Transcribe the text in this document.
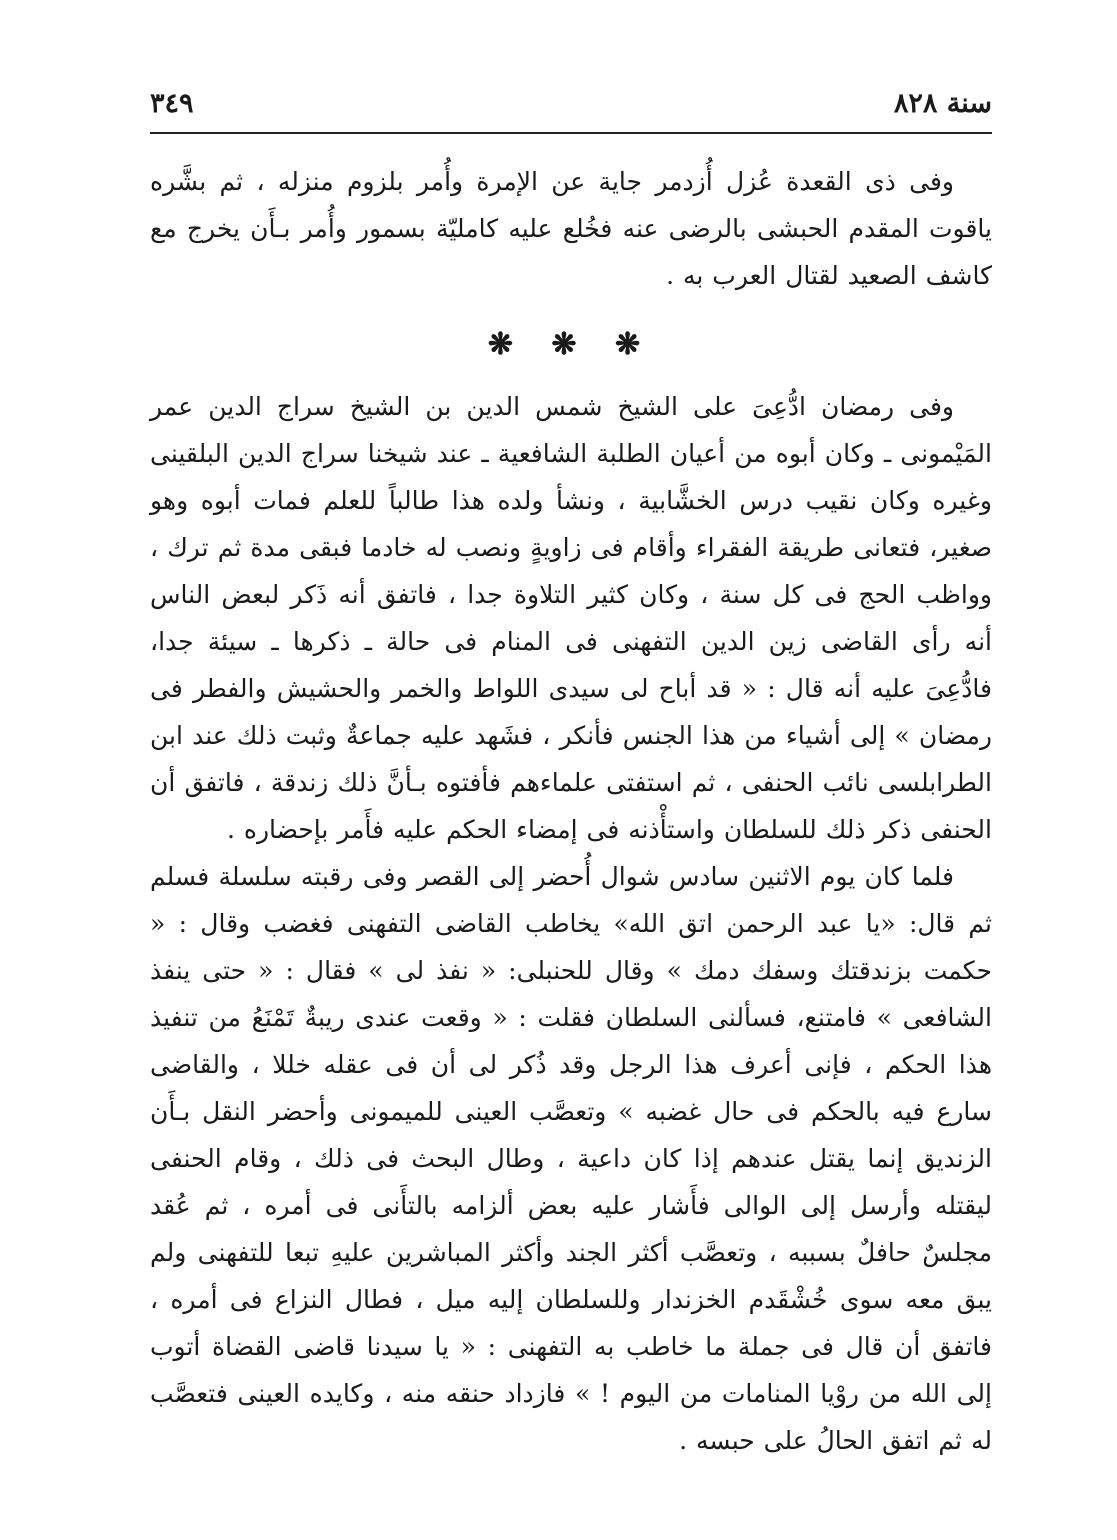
سنة ٨٢٨
٣٤٩

وفى ذى القعدة عُزل أُزدمر جاية عن الإمرة وأُمر بلزوم منزله ، ثم بشَّره ياقوت المقدم الحبشى بالرضى عنه فخُلع عليه كامليّة بسمور وأُمر بـأَن يخرج مع كاشف الصعيد لقتال العرب به .

❋ ❋ ❋

وفى رمضان ادُّعِىَ على الشيخ شمس الدين بن الشيخ سراج الدين عمر المَيْمونى ـ وكان أبوه من أعيان الطلبة الشافعية ـ عند شيخنا سراج الدين البلقينى وغيره وكان نقيب درس الخشَّابية ، ونشأ ولده هذا طالباً للعلم فمات أبوه وهو صغير، فتعانى طريقة الفقراء وأقام فى زاويةٍ ونصب له خادما فبقى مدة ثم ترك ، وواظب الحج فى كل سنة ، وكان كثير التلاوة جدا ، فاتفق أنه ذَكر لبعض الناس أنه رأى القاضى زين الدين التفهنى فى المنام فى حالة ـ ذكرها ـ سيئة جدا، فادُّعِىَ عليه أنه قال : « قد أباح لى سيدى اللواط والخمر والحشيش والفطر فى رمضان » إلى أشياء من هذا الجنس فأنكر ، فشَهد عليه جماعةٌ وثبت ذلك عند ابن الطرابلسى نائب الحنفى ، ثم استفتى علماءهم فأفتوه بـأنَّ ذلك زندقة ، فاتفق أن الحنفى ذكر ذلك للسلطان واستأْذنه فى إمضاء الحكم عليه فأَمر بإحضاره .

فلما كان يوم الاثنين سادس شوال أُحضر إلى القصر وفى رقبته سلسلة فسلم ثم قال: «يا عبد الرحمن اتق الله» يخاطب القاضى التفهنى فغضب وقال : « حكمت بزندقتك وسفك دمك » وقال للحنبلى: « نفذ لى » فقال : « حتى ينفذ الشافعى » فامتنع، فسألنى السلطان فقلت : « وقعت عندى ريبةٌ تَمْنَعُ من تنفيذ هذا الحكم ، فإنى أعرف هذا الرجل وقد ذُكر لى أن فى عقله خللا ، والقاضى سارع فيه بالحكم فى حال غضبه » وتعصَّب العينى للميمونى وأحضر النقل بـأَن الزنديق إنما يقتل عندهم إذا كان داعية ، وطال البحث فى ذلك ، وقام الحنفى ليقتله وأرسل إلى الوالى فأَشار عليه بعض ألزامه بالتأَنى فى أمره ، ثم عُقد مجلسٌ حافلٌ بسببه ، وتعصَّب أكثر الجند وأكثر المباشرين عليهِ تبعا للتفهنى ولم يبق معه سوى خُشْقَدم الخزندار وللسلطان إليه ميل ، فطال النزاع فى أمره ، فاتفق أن قال فى جملة ما خاطب به التفهنى : « يا سيدنا قاضى القضاة أتوب إلى الله من روْيا المنامات من اليوم ! » فازداد حنقه منه ، وكايده العينى فتعصَّب له ثم اتفق الحالُ على حبسه .
